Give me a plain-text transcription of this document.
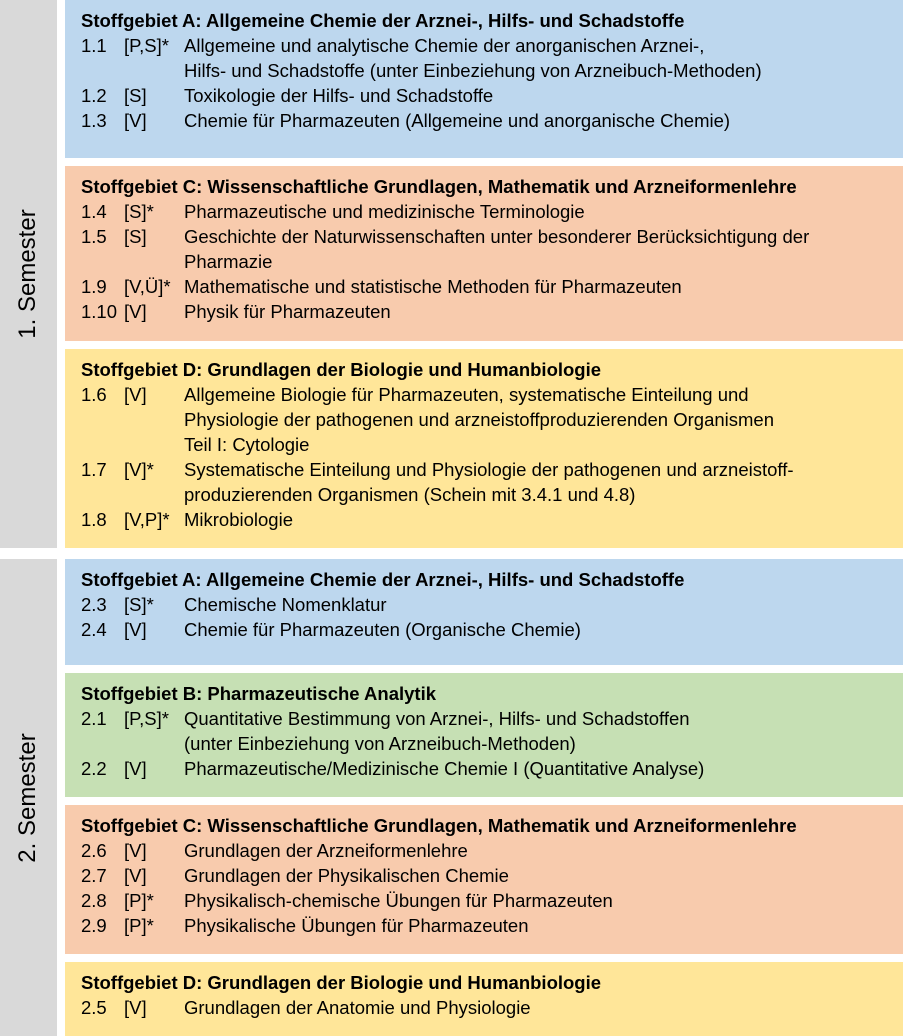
1. Semester
Stoffgebiet A: Allgemeine Chemie der Arznei-, Hilfs- und Schadstoffe
1.1 [P,S]* Allgemeine und analytische Chemie der anorganischen Arznei-,
Hilfs- und Schadstoffe (unter Einbeziehung von Arzneibuch-Methoden)
1.2 [S]	Toxikologie der Hilfs- und Schadstoffe
1.3 [V]	Chemie für Pharmazeuten (Allgemeine und anorganische Chemie)
Stoffgebiet C: Wissenschaftliche Grundlagen, Mathematik und Arzneiformenlehre
1.4 [S]*	Pharmazeutische und medizinische Terminologie
1.5 [S]	Geschichte der Naturwissenschaften unter besonderer Berücksichtigung der
Pharmazie
1.9 [V,Ü]* Mathematische und statistische Methoden für Pharmazeuten
1.10 [V]	Physik für Pharmazeuten
Stoffgebiet D: Grundlagen der Biologie und Humanbiologie
1.6 [V]	Allgemeine Biologie für Pharmazeuten, systematische Einteilung und
Physiologie der pathogenen und arzneistoffproduzierenden Organismen
Teil I: Cytologie
1.7 [V]*	Systematische Einteilung und Physiologie der pathogenen und arzneistoff-
produzierenden Organismen (Schein mit 3.4.1 und 4.8)
1.8 [V,P]* Mikrobiologie
2. Semester
Stoffgebiet A: Allgemeine Chemie der Arznei-, Hilfs- und Schadstoffe
2.3 [S]*	Chemische Nomenklatur
2.4 [V]	Chemie für Pharmazeuten (Organische Chemie)
Stoffgebiet B: Pharmazeutische Analytik
2.1 [P,S]* Quantitative Bestimmung von Arznei-, Hilfs- und Schadstoffen
(unter Einbeziehung von Arzneibuch-Methoden)
2.2 [V]	Pharmazeutische/Medizinische Chemie I (Quantitative Analyse)
Stoffgebiet C: Wissenschaftliche Grundlagen, Mathematik und Arzneiformenlehre
2.6 [V]	Grundlagen der Arzneiformenlehre
2.7 [V]	Grundlagen der Physikalischen Chemie
2.8 [P]*	Physikalisch-chemische Übungen für Pharmazeuten
2.9 [P]*	Physikalische Übungen für Pharmazeuten
Stoffgebiet D: Grundlagen der Biologie und Humanbiologie
2.5 [V]	Grundlagen der Anatomie und Physiologie
